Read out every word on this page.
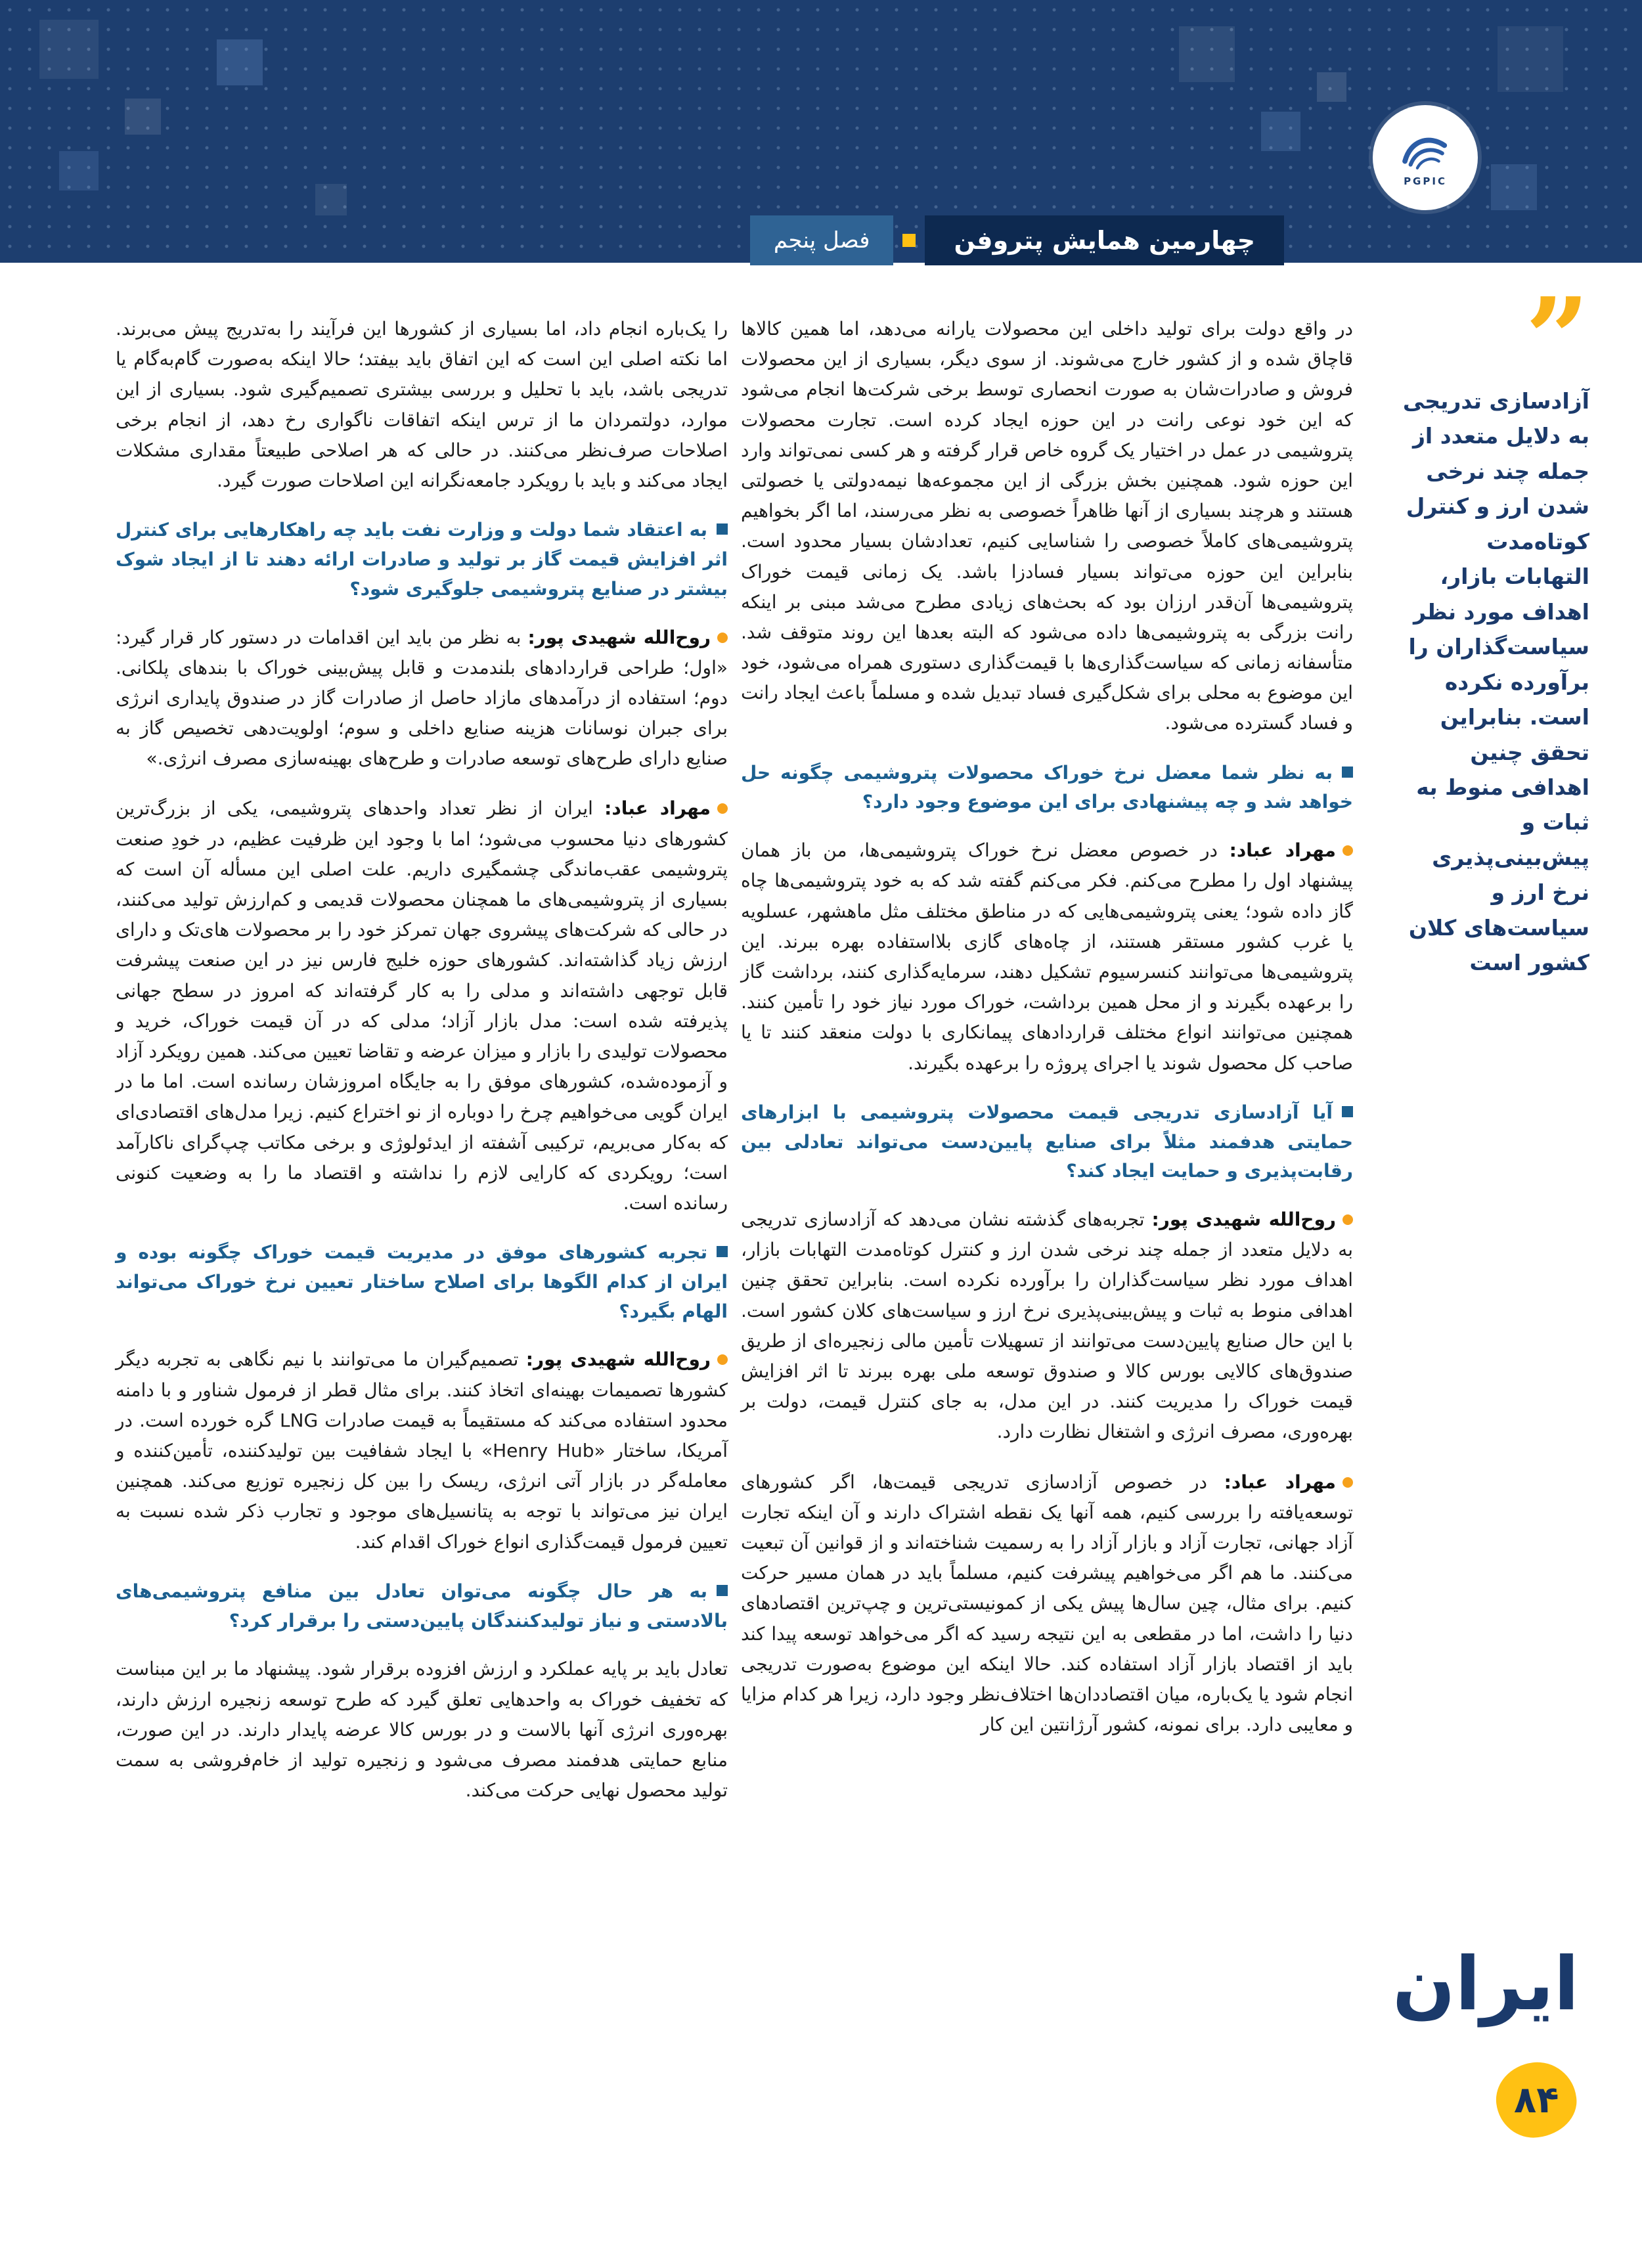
PGPIC
چهارمین همایش پتروفن
فصل پنجم
”
آزادسازی تدریجی به دلایل متعدد از جمله چند نرخی شدن ارز و کنترل کوتاه‌مدت التهابات بازار، اهداف مورد نظر سیاست‌گذاران را برآورده نکرده است. بنابراین تحقق چنین اهدافی منوط به ثبات و پیش‌بینی‌پذیری نرخ ارز و سیاست‌های کلان کشور است

در واقع دولت برای تولید داخلی این محصولات یارانه می‌دهد، اما همین کالاها قاچاق شده و از کشور خارج می‌شوند. از سوی دیگر، بسیاری از این محصولات فروش و صادرات‌شان به صورت انحصاری توسط برخی شرکت‌ها انجام می‌شود که این خود نوعی رانت در این حوزه ایجاد کرده است. تجارت محصولات پتروشیمی در عمل در اختیار یک گروه خاص قرار گرفته و هر کسی نمی‌تواند وارد این حوزه شود. همچنین بخش بزرگی از این مجموعه‌ها نیمه‌دولتی یا خصولتی هستند و هرچند بسیاری از آنها ظاهراً خصوصی به نظر می‌رسند، اما اگر بخواهیم پتروشیمی‌های کاملاً خصوصی را شناسایی کنیم، تعدادشان بسیار محدود است. بنابراین این حوزه می‌تواند بسیار فسادزا باشد. یک زمانی قیمت خوراک پتروشیمی‌ها آن‌قدر ارزان بود که بحث‌های زیادی مطرح می‌شد مبنی بر اینکه رانت بزرگی به پتروشیمی‌ها داده می‌شود که البته بعدها این روند متوقف شد. متأسفانه زمانی که سیاست‌گذاری‌ها با قیمت‌گذاری دستوری همراه می‌شود، خود این موضوع به محلی برای شکل‌گیری فساد تبدیل شده و مسلماً باعث ایجاد رانت و فساد گسترده می‌شود.

به نظر شما معضل نرخ خوراک محصولات پتروشیمی چگونه حل خواهد شد و چه پیشنهادی برای این موضوع وجود دارد؟

مهراد عباد: در خصوص معضل نرخ خوراک پتروشیمی‌ها، من باز همان پیشنهاد اول را مطرح می‌کنم. فکر می‌کنم گفته شد که به خود پتروشیمی‌ها چاه گاز داده شود؛ یعنی پتروشیمی‌هایی که در مناطق مختلف مثل ماهشهر، عسلویه یا غرب کشور مستقر هستند، از چاه‌های گازی بلااستفاده بهره ببرند. این پتروشیمی‌ها می‌توانند کنسرسیوم تشکیل دهند، سرمایه‌گذاری کنند، برداشت گاز را برعهده بگیرند و از محل همین برداشت، خوراک مورد نیاز خود را تأمین کنند. همچنین می‌توانند انواع مختلف قراردادهای پیمانکاری با دولت منعقد کنند تا یا صاحب کل محصول شوند یا اجرای پروژه را برعهده بگیرند.

آیا آزادسازی تدریجی قیمت محصولات پتروشیمی با ابزارهای حمایتی هدفمند مثلاً برای صنایع پایین‌دست می‌تواند تعادلی بین رقابت‌پذیری و حمایت ایجاد کند؟

روح‌الله شهیدی پور: تجربه‌های گذشته نشان می‌دهد که آزادسازی تدریجی به دلایل متعدد از جمله چند نرخی شدن ارز و کنترل کوتاه‌مدت التهابات بازار، اهداف مورد نظر سیاست‌گذاران را برآورده نکرده است. بنابراین تحقق چنین اهدافی منوط به ثبات و پیش‌بینی‌پذیری نرخ ارز و سیاست‌های کلان کشور است. با این حال صنایع پایین‌دست می‌توانند از تسهیلات تأمین مالی زنجیره‌ای از طریق صندوق‌های کالایی بورس کالا و صندوق توسعه ملی بهره ببرند تا اثر افزایش قیمت خوراک را مدیریت کنند. در این مدل، به جای کنترل قیمت، دولت بر بهره‌وری، مصرف انرژی و اشتغال نظارت دارد.

مهراد عباد: در خصوص آزادسازی تدریجی قیمت‌ها، اگر کشورهای توسعه‌یافته را بررسی کنیم، همه آنها یک نقطه اشتراک دارند و آن اینکه تجارت آزاد جهانی، تجارت آزاد و بازار آزاد را به رسمیت شناخته‌اند و از قوانین آن تبعیت می‌کنند. ما هم اگر می‌خواهیم پیشرفت کنیم، مسلماً باید در همان مسیر حرکت کنیم. برای مثال، چین سال‌ها پیش یکی از کمونیستی‌ترین و چپ‌ترین اقتصادهای دنیا را داشت، اما در مقطعی به این نتیجه رسید که اگر می‌خواهد توسعه پیدا کند باید از اقتصاد بازار آزاد استفاده کند. حالا اینکه این موضوع به‌صورت تدریجی انجام شود یا یک‌باره، میان اقتصاددان‌ها اختلاف‌نظر وجود دارد، زیرا هر کدام مزایا و معایبی دارد. برای نمونه، کشور آرژانتین این کار

را یک‌باره انجام داد، اما بسیاری از کشورها این فرآیند را به‌تدریج پیش می‌برند. اما نکته اصلی این است که این اتفاق باید بیفتد؛ حالا اینکه به‌صورت گام‌به‌گام یا تدریجی باشد، باید با تحلیل و بررسی بیشتری تصمیم‌گیری شود. بسیاری از این موارد، دولتمردان ما از ترس اینکه اتفاقات ناگواری رخ دهد، از انجام برخی اصلاحات صرف‌نظر می‌کنند. در حالی که هر اصلاحی طبیعتاً مقداری مشکلات ایجاد می‌کند و باید با رویکرد جامعه‌نگرانه این اصلاحات صورت گیرد.

به اعتقاد شما دولت و وزارت نفت باید چه راهکارهایی برای کنترل اثر افزایش قیمت گاز بر تولید و صادرات ارائه دهند تا از ایجاد شوک بیشتر در صنایع پتروشیمی جلوگیری شود؟

روح‌الله شهیدی پور: به نظر من باید این اقدامات در دستور کار قرار گیرد: «اول؛ طراحی قراردادهای بلندمدت و قابل پیش‌بینی خوراک با بندهای پلکانی. دوم؛ استفاده از درآمدهای مازاد حاصل از صادرات گاز در صندوق پایداری انرژی برای جبران نوسانات هزینه صنایع داخلی و سوم؛ اولویت‌دهی تخصیص گاز به صنایع دارای طرح‌های توسعه صادرات و طرح‌های بهینه‌سازی مصرف انرژی.»

مهراد عباد: ایران از نظر تعداد واحدهای پتروشیمی، یکی از بزرگ‌ترین کشورهای دنیا محسوب می‌شود؛ اما با وجود این ظرفیت عظیم، در خودِ صنعت پتروشیمی عقب‌ماندگی چشمگیری داریم. علت اصلی این مسأله آن است که بسیاری از پتروشیمی‌های ما همچنان محصولات قدیمی و کم‌ارزش تولید می‌کنند، در حالی که شرکت‌های پیشروی جهان تمرکز خود را بر محصولات های‌تک و دارای ارزش زیاد گذاشته‌اند. کشورهای حوزه خلیج فارس نیز در این صنعت پیشرفت قابل توجهی داشته‌اند و مدلی را به کار گرفته‌اند که امروز در سطح جهانی پذیرفته شده است: مدل بازار آزاد؛ مدلی که در آن قیمت خوراک، خرید و محصولات تولیدی را بازار و میزان عرضه و تقاضا تعیین می‌کند. همین رویکرد آزاد و آزموده‌شده، کشورهای موفق را به جایگاه امروزشان رسانده است. اما ما در ایران گویی می‌خواهیم چرخ را دوباره از نو اختراع کنیم. زیرا مدل‌های اقتصادی‌ای که به‌کار می‌بریم، ترکیبی آشفته از ایدئولوژی و برخی مکاتب چپ‌گرای ناکارآمد است؛ رویکردی که کارایی لازم را نداشته و اقتصاد ما را به وضعیت کنونی رسانده است.

تجربه کشورهای موفق در مدیریت قیمت خوراک چگونه بوده و ایران از کدام الگوها برای اصلاح ساختار تعیین نرخ خوراک می‌تواند الهام بگیرد؟

روح‌الله شهیدی پور: تصمیم‌گیران ما می‌توانند با نیم نگاهی به تجربه دیگر کشورها تصمیمات بهینه‌ای اتخاذ کنند. برای مثال قطر از فرمول شناور و با دامنه محدود استفاده می‌کند که مستقیماً به قیمت صادرات LNG گره خورده است. در آمریکا، ساختار «Henry Hub» با ایجاد شفافیت بین تولیدکننده، تأمین‌کننده و معامله‌گر در بازار آتی انرژی، ریسک را بین کل زنجیره توزیع می‌کند. همچنین ایران نیز می‌تواند با توجه به پتانسیل‌های موجود و تجارب ذکر شده نسبت به تعیین فرمول قیمت‌گذاری انواع خوراک اقدام کند.

به هر حال چگونه می‌توان تعادل بین منافع پتروشیمی‌های بالادستی و نیاز تولیدکنندگان پایین‌دستی را برقرار کرد؟

تعادل باید بر پایه عملکرد و ارزش افزوده برقرار شود. پیشنهاد ما بر این مبناست که تخفیف خوراک به واحدهایی تعلق گیرد که طرح توسعه زنجیره ارزش دارند، بهره‌وری انرژی آنها بالاست و در بورس کالا عرضه پایدار دارند. در این صورت، منابع حمایتی هدفمند مصرف می‌شود و زنجیره تولید از خام‌فروشی به سمت تولید محصول نهایی حرکت می‌کند.

ایران
۸۴
